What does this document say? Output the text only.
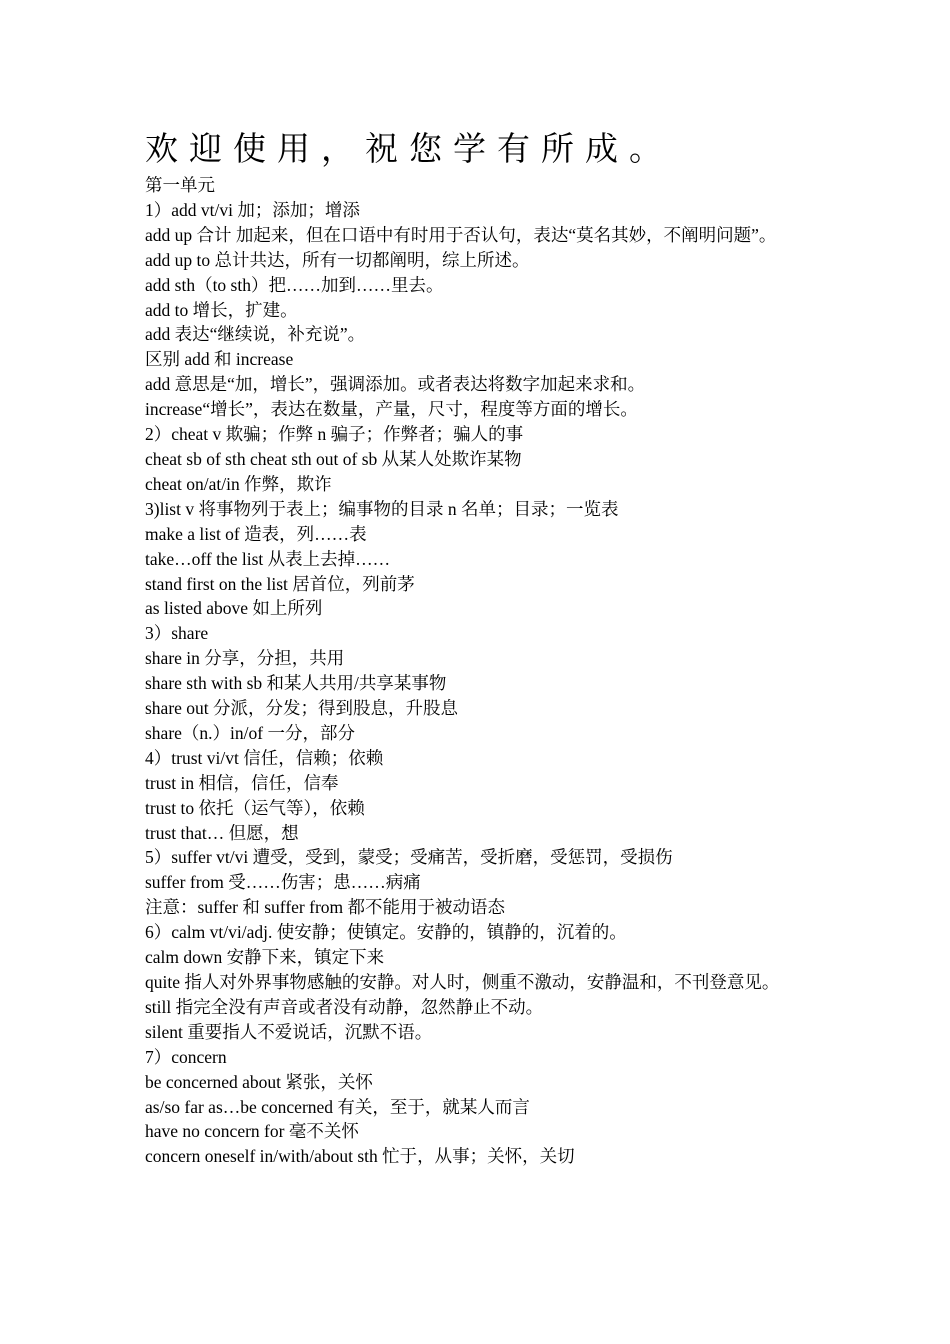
欢迎使用，祝您学有所成。
第一单元
1）add vt/vi 加；添加；增添
add up 合计 加起来，但在口语中有时用于否认句，表达“莫名其妙，不阐明问题”。
add up to 总计共达，所有一切都阐明，综上所述。
add sth（to sth）把……加到……里去。
add to 增长，扩建。
add 表达“继续说，补充说”。
区别 add 和 increase
add 意思是“加，增长”，强调添加。或者表达将数字加起来求和。
increase“增长”，表达在数量，产量，尺寸，程度等方面的增长。
2）cheat v 欺骗；作弊 n 骗子；作弊者；骗人的事
cheat sb of sth cheat sth out of sb 从某人处欺诈某物
cheat on/at/in 作弊，欺诈
3)list v 将事物列于表上；编事物的目录 n 名单；目录；一览表
make a list of 造表，列……表
take…off the list 从表上去掉……
stand first on the list 居首位，列前茅
as listed above 如上所列
3）share
share in 分享，分担，共用
share sth with sb 和某人共用/共享某事物
share out 分派，分发；得到股息，升股息
share（n.）in/of 一分，部分
4）trust vi/vt 信任，信赖；依赖
trust in 相信，信任，信奉
trust to 依托（运气等），依赖
trust that… 但愿，想
5）suffer vt/vi 遭受，受到，蒙受；受痛苦，受折磨，受惩罚，受损伤
suffer from 受……伤害；患……病痛
注意：suffer 和 suffer from 都不能用于被动语态
6）calm vt/vi/adj. 使安静；使镇定。安静的，镇静的，沉着的。
calm down 安静下来，镇定下来
quite 指人对外界事物感触的安静。对人时，侧重不激动，安静温和，不刊登意见。
still 指完全没有声音或者没有动静，忽然静止不动。
silent 重要指人不爱说话，沉默不语。
7）concern
be concerned about 紧张，关怀
as/so far as…be concerned 有关，至于，就某人而言
have no concern for 毫不关怀
concern oneself in/with/about sth 忙于，从事；关怀，关切
